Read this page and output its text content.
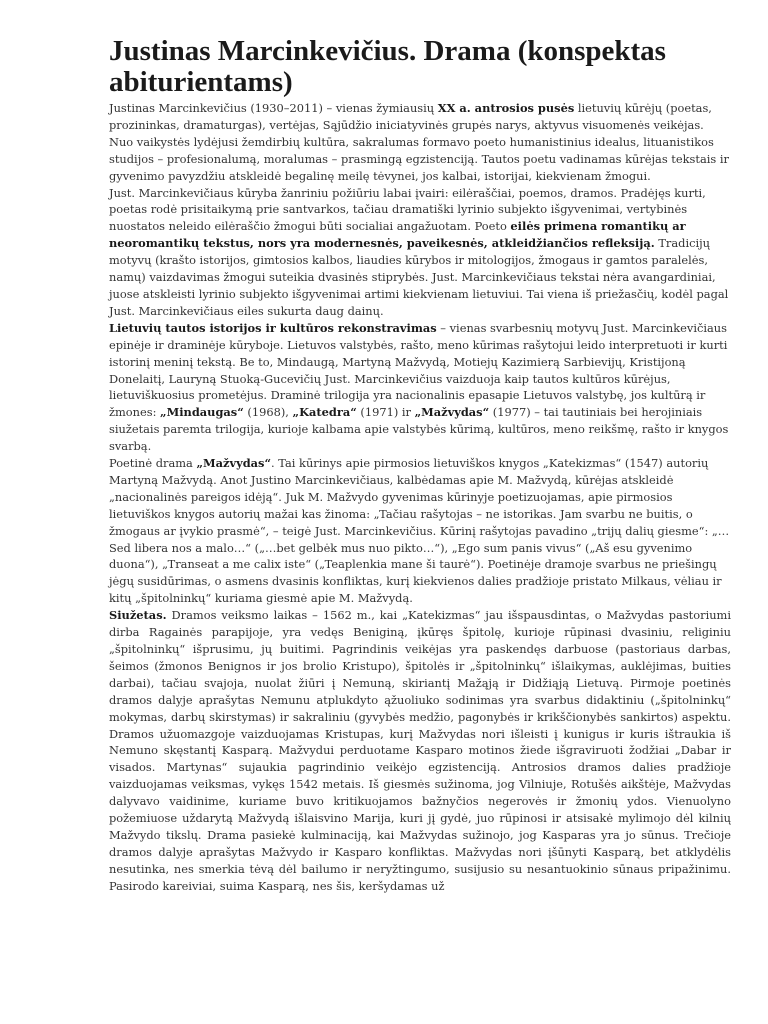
Justinas Marcinkevičius. Drama (konspektas abiturientams)

Justinas Marcinkevičius (1930–2011) – vienas žymiausių XX a. antrosios pusės lietuvių kūrėjų (poetas, prozininkas, dramaturgas), vertėjas, Sąjūdžio iniciatyvinės grupės narys, aktyvus visuomenės veikėjas. Nuo vaikystės lydėjusi žemdirbių kultūra, sakralumas formavo poeto humanistinius idealus, lituanistikos studijos – profesionalumą, moralumas – prasmingą egzistenciją. Tautos poetu vadinamas kūrėjas tekstais ir gyvenimo pavyzdžiu atskleidė begalinę meilę tėvynei, jos kalbai, istorijai, kiekvienam žmogui.

Just. Marcinkevičiaus kūryba žanriniu požiūriu labai įvairi: eilėraščiai, poemos, dramos. Pradėjęs kurti, poetas rodė prisitaikymą prie santvarkos, tačiau dramatiški lyrinio subjekto išgyvenimai, vertybinės nuostatos neleido eilėraščio žmogui būti socialiai angažuotam. Poeto eilės primena romantikų ar neoromantikų tekstus, nors yra modernesnės, paveikesnės, atkleidžiančios refleksiją. Tradicijų motyvų (krašto istorijos, gimtosios kalbos, liaudies kūrybos ir mitologijos, žmogaus ir gamtos paralelės, namų) vaizdavimas žmogui suteikia dvasinės stiprybės. Just. Marcinkevičiaus tekstai nėra avangardiniai, juose atskleisti lyrinio subjekto išgyvenimai artimi kiekvienam lietuviui. Tai viena iš priežasčių, kodėl pagal Just. Marcinkevičiaus eiles sukurta daug dainų.

Lietuvių tautos istorijos ir kultūros rekonstravimas – vienas svarbesnių motyvų Just. Marcinkevičiaus epinėje ir draminėje kūryboje. Lietuvos valstybės, rašto, meno kūrimas rašytojui leido interpretuoti ir kurti istorinį meninį tekstą. Be to, Mindaugą, Martyną Mažvydą, Motiejų Kazimierą Sarbievijų, Kristijoną Donelaitį, Lauryną Stuoką-Gucevičių Just. Marcinkevičius vaizduoja kaip tautos kultūros kūrėjus, lietuviškuosius prometėjus. Draminė trilogija yra nacionalinis epasapie Lietuvos valstybę, jos kultūrą ir

žmones: „Mindaugas“ (1968), „Katedra“ (1971) ir „Mažvydas“ (1977) – tai tautiniais bei herojiniais siužetais paremta trilogija, kurioje kalbama apie valstybės kūrimą, kultūros, meno reikšmę, rašto ir knygos svarbą.

Poetinė drama „Mažvydas“. Tai kūrinys apie pirmosios lietuviškos knygos „Katekizmas“ (1547) autorių Martyną Mažvydą. Anot Justino Marcinkevičiaus, kalbėdamas apie M. Mažvydą, kūrėjas atskleidė „nacionalinės pareigos idėją“. Juk M. Mažvydo gyvenimas kūrinyje poetizuojamas, apie pirmosios lietuviškos knygos autorių mažai kas žinoma: „Tačiau rašytojas – ne istorikas. Jam svarbu ne buitis, o žmogaus ar įvykio prasmė“, – teigė Just. Marcinkevičius. Kūrinį rašytojas pavadino „trijų dalių giesme“: „…Sed libera nos a malo…“ („…bet gelbėk mus nuo pikto…“), „Ego sum panis vivus“ („Aš esu gyvenimo duona“), „Transeat a me calix iste“ („Teaplenkia mane ši taurė“). Poetinėje dramoje svarbus ne priešingų jėgų susidūrimas, o asmens dvasinis konfliktas, kurį kiekvienos dalies pradžioje pristato Milkaus, vėliau ir kitų „špitolninkų“ kuriama giesmė apie M. Mažvydą.

Siužetas. Dramos veiksmo laikas – 1562 m., kai „Katekizmas“ jau išspausdintas, o Mažvydas pastoriumi dirba Ragainės parapijoje, yra vedęs Beniginą, įkūręs špitolę, kurioje rūpinasi dvasiniu, religiniu „špitolninkų“ išprusimu, jų buitimi. Pagrindinis veikėjas yra paskendęs darbuose (pastoriaus darbas, šeimos (žmonos Benignos ir jos brolio Kristupo), špitolės ir „špitolninkų“ išlaikymas, auklėjimas, buities darbai), tačiau svajoja, nuolat žiūri į Nemuną, skiriantį Mažąją ir Didžiąją Lietuvą. Pirmoje poetinės dramos dalyje aprašytas Nemunu atplukdyto ąžuoliuko sodinimas yra svarbus didaktiniu („špitolninkų“ mokymas, darbų skirstymas) ir sakraliniu (gyvybės medžio, pagonybės ir krikščionybės sankirtos) aspektu. Dramos užuomazgoje vaizduojamas Kristupas, kurį Mažvydas nori išleisti į kunigus ir kuris ištraukia iš Nemuno skęstantį Kasparą. Mažvydui perduotame Kasparo motinos žiede išgraviruoti žodžiai „Dabar ir visados. Martynas“ sujaukia pagrindinio veikėjo egzistenciją. Antrosios dramos dalies pradžioje vaizduojamas veiksmas, vykęs 1542 metais. Iš giesmės sužinoma, jog Vilniuje, Rotušės aikštėje, Mažvydas dalyvavo vaidinime, kuriame buvo kritikuojamos bažnyčios negerovės ir žmonių ydos. Vienuolyno požemiuose uždarytą Mažvydą išlaisvino Marija, kuri jį gydė, juo rūpinosi ir atsisakė mylimojo dėl kilnių Mažvydo tikslų. Drama pasiekė kulminaciją, kai Mažvydas sužinojo, jog Kasparas yra jo sūnus. Trečioje dramos dalyje aprašytas Mažvydo ir Kasparo konfliktas. Mažvydas nori įšūnyti Kasparą, bet atklydėlis nesutinka, nes smerkia tėvą dėl bailumo ir neryžtingumo, susijusio su nesantuokinio sūnaus pripažinimu. Pasirodo kareiviai, suima Kasparą, nes šis, keršydamas už
